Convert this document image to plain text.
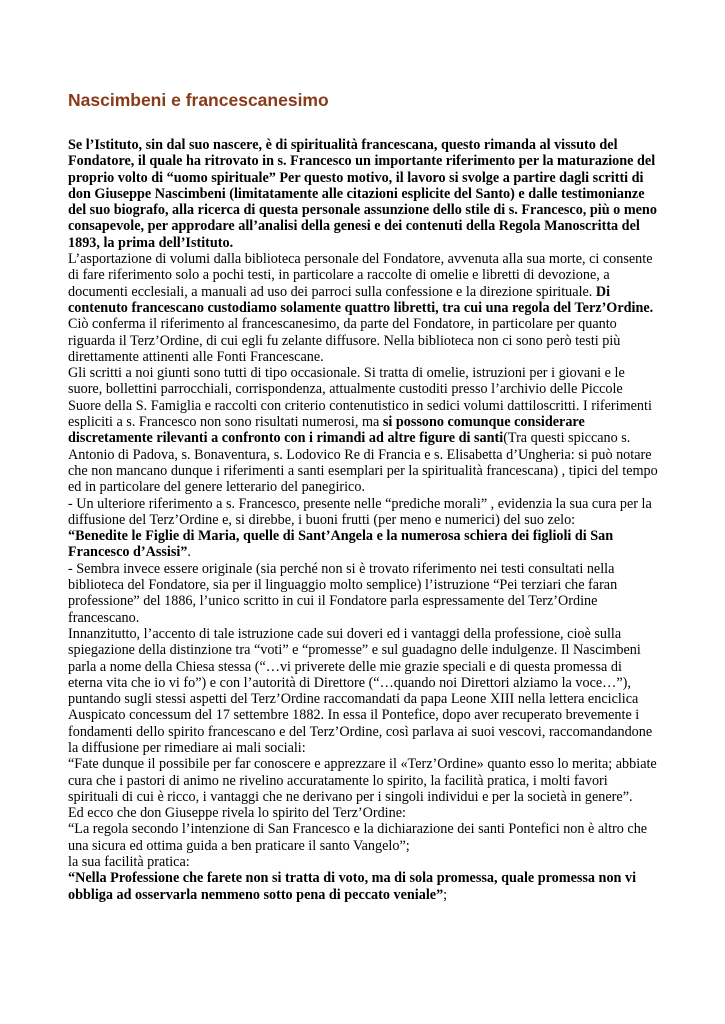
Nascimbeni e francescanesimo

Se l’Istituto, sin dal suo nascere, è di spiritualità francescana, questo rimanda al vissuto del Fondatore, il quale ha ritrovato in s. Francesco un importante riferimento per la maturazione del proprio volto di “uomo spirituale” Per questo motivo, il lavoro si svolge a partire dagli scritti di don Giuseppe Nascimbeni (limitatamente alle citazioni esplicite del Santo) e dalle testimonianze del suo biografo, alla ricerca di questa personale assunzione dello stile di s. Francesco, più o meno consapevole, per approdare all’analisi della genesi e dei contenuti della Regola Manoscritta del 1893, la prima dell’Istituto.

L’asportazione di volumi dalla biblioteca personale del Fondatore, avvenuta alla sua morte, ci consente di fare riferimento solo a pochi testi, in particolare a raccolte di omelie e libretti di devozione, a documenti ecclesiali, a manuali ad uso dei parroci sulla confessione e la direzione spirituale. Di contenuto francescano custodiamo solamente quattro libretti, tra cui una regola del Terz’Ordine. Ciò conferma il riferimento al francescanesimo, da parte del Fondatore, in particolare per quanto riguarda il Terz’Ordine, di cui egli fu zelante diffusore. Nella biblioteca non ci sono però testi più direttamente attinenti alle Fonti Francescane.

Gli scritti a noi giunti sono tutti di tipo occasionale. Si tratta di omelie, istruzioni per i giovani e le suore, bollettini parrocchiali, corrispondenza, attualmente custoditi presso l’archivio delle Piccole Suore della S. Famiglia e raccolti con criterio contenutistico in sedici volumi dattiloscritti. I riferimenti espliciti a s. Francesco non sono risultati numerosi, ma si possono comunque considerare discretamente rilevanti a confronto con i rimandi ad altre figure di santi(Tra questi spiccano s. Antonio di Padova, s. Bonaventura, s. Lodovico Re di Francia e s. Elisabetta d’Ungheria: si può notare che non mancano dunque i riferimenti a santi esemplari per la spiritualità francescana) , tipici del tempo ed in particolare del genere letterario del panegirico.

- Un ulteriore riferimento a s. Francesco, presente nelle “prediche morali” , evidenzia la sua cura per la diffusione del Terz’Ordine e, si direbbe, i buoni frutti (per meno e numerici) del suo zelo:

“Benedite le Figlie di Maria, quelle di Sant’Angela e la numerosa schiera dei figlioli di San Francesco d’Assisi”.

- Sembra invece essere originale (sia perché non si è trovato riferimento nei testi consultati nella biblioteca del Fondatore, sia per il linguaggio molto semplice) l’istruzione “Pei terziari che faran professione” del 1886, l’unico scritto in cui il Fondatore parla espressamente del Terz’Ordine francescano.

Innanzitutto, l’accento di tale istruzione cade sui doveri ed i vantaggi della professione, cioè sulla spiegazione della distinzione tra “voti” e “promesse” e sul guadagno delle indulgenze. Il Nascimbeni parla a nome della Chiesa stessa (“…vi priverete delle mie grazie speciali e di questa promessa di eterna vita che io vi fo”) e con l’autorità di Direttore (“…quando noi Direttori alziamo la voce…”), puntando sugli stessi aspetti del Terz’Ordine raccomandati da papa Leone XIII nella lettera enciclica Auspicato concessum del 17 settembre 1882. In essa il Pontefice, dopo aver recuperato brevemente i fondamenti dello spirito francescano e del Terz’Ordine, così parlava ai suoi vescovi, raccomandandone la diffusione per rimediare ai mali sociali:

“Fate dunque il possibile per far conoscere e apprezzare il «Terz’Ordine» quanto esso lo merita; abbiate cura che i pastori di animo ne rivelino accuratamente lo spirito, la facilità pratica, i molti favori spirituali di cui è ricco, i vantaggi che ne derivano per i singoli individui e per la società in genere”.

Ed ecco che don Giuseppe rivela lo spirito del Terz’Ordine:

“La regola secondo l’intenzione di San Francesco e la dichiarazione dei santi Pontefici non è altro che una sicura ed ottima guida a ben praticare il santo Vangelo”;

la sua facilità pratica:

“Nella Professione che farete non si tratta di voto, ma di sola promessa, quale promessa non vi obbliga ad osservarla nemmeno sotto pena di peccato veniale”;
